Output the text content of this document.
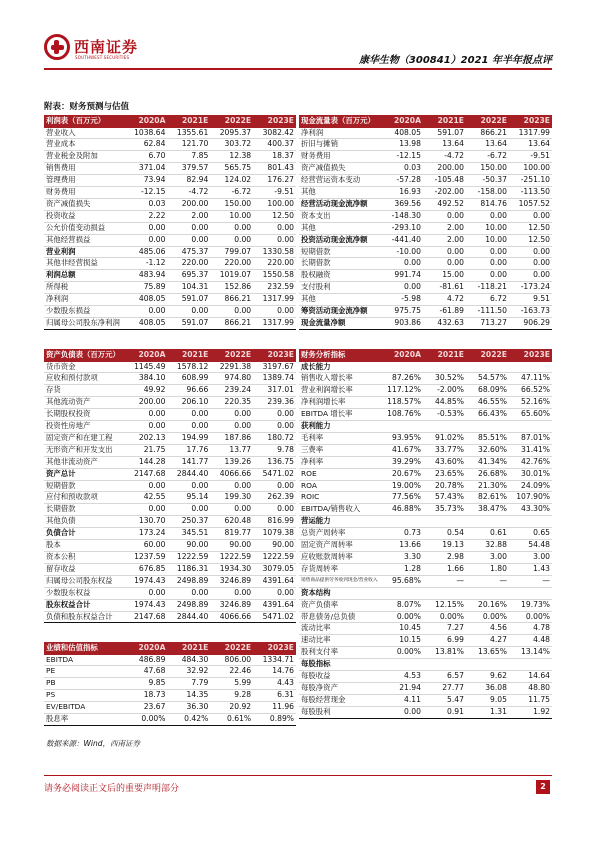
西南证券
SOUTHWEST SECURITIES	康华生物（300841）2021 年半年报点评
附表：财务预测与估值
利润表（百万元）	2020A	2021E	2022E	2023E
营业收入	1038.64	1355.61	2095.37	3082.42
营业成本	62.84	121.70	303.72	400.37
营业税金及附加	6.70	7.85	12.38	18.37
销售费用	371.04	379.57	565.75	801.43
管理费用	73.94	82.94	124.02	176.27
财务费用	-12.15	-4.72	-6.72	-9.51
资产减值损失	0.03	200.00	150.00	100.00
投资收益	2.22	2.00	10.00	12.50
公允价值变动损益	0.00	0.00	0.00	0.00
其他经营损益	0.00	0.00	0.00	0.00
营业利润	485.06	475.37	799.07	1330.58
其他非经营损益	-1.12	220.00	220.00	220.00
利润总额	483.94	695.37	1019.07	1550.58
所得税	75.89	104.31	152.86	232.59
净利润	408.05	591.07	866.21	1317.99
少数股东损益	0.00	0.00	0.00	0.00
归属母公司股东净利润	408.05	591.07	866.21	1317.99
现金流量表（百万元）	2020A	2021E	2022E	2023E
净利润	408.05	591.07	866.21	1317.99
折旧与摊销	13.98	13.64	13.64	13.64
财务费用	-12.15	-4.72	-6.72	-9.51
资产减值损失	0.03	200.00	150.00	100.00
经营营运资本变动	-57.28	-105.48	-50.37	-251.10
其他	16.93	-202.00	-158.00	-113.50
经营活动现金流净额	369.56	492.52	814.76	1057.52
资本支出	-148.30	0.00	0.00	0.00
其他	-293.10	2.00	10.00	12.50
投资活动现金流净额	-441.40	2.00	10.00	12.50
短期借款	-10.00	0.00	0.00	0.00
长期借款	0.00	0.00	0.00	0.00
股权融资	991.74	15.00	0.00	0.00
支付股利	0.00	-81.61	-118.21	-173.24
其他	-5.98	4.72	6.72	9.51
筹资活动现金流净额	975.75	-61.89	-111.50	-163.73
现金流量净额	903.86	432.63	713.27	906.29
资产负债表（百万元）	2020A	2021E	2022E	2023E
货币资金	1145.49	1578.12	2291.38	3197.67
应收和预付款项	384.10	608.99	974.80	1389.74
存货	49.92	96.66	239.24	317.01
其他流动资产	200.00	206.10	220.35	239.36
长期股权投资	0.00	0.00	0.00	0.00
投资性房地产	0.00	0.00	0.00	0.00
固定资产和在建工程	202.13	194.99	187.86	180.72
无形资产和开发支出	21.75	17.76	13.77	9.78
其他非流动资产	144.28	141.77	139.26	136.75
资产总计	2147.68	2844.40	4066.66	5471.02
短期借款	0.00	0.00	0.00	0.00
应付和预收款项	42.55	95.14	199.30	262.39
长期借款	0.00	0.00	0.00	0.00
其他负债	130.70	250.37	620.48	816.99
负债合计	173.24	345.51	819.77	1079.38
股本	60.00	90.00	90.00	90.00
资本公积	1237.59	1222.59	1222.59	1222.59
留存收益	676.85	1186.31	1934.30	3079.05
归属母公司股东权益	1974.43	2498.89	3246.89	4391.64
少数股东权益	0.00	0.00	0.00	0.00
股东权益合计	1974.43	2498.89	3246.89	4391.64
负债和股东权益合计	2147.68	2844.40	4066.66	5471.02
业绩和估值指标	2020A	2021E	2022E	2023E
EBITDA	486.89	484.30	806.00	1334.71
PE	47.68	32.92	22.46	14.76
PB	9.85	7.79	5.99	4.43
PS	18.73	14.35	9.28	6.31
EV/EBITDA	23.67	36.30	20.92	11.96
股息率	0.00%	0.42%	0.61%	0.89%
财务分析指标	2020A	2021E	2022E	2023E
成长能力				
销售收入增长率	87.26%	30.52%	54.57%	47.11%
营业利润增长率	117.12%	-2.00%	68.09%	66.52%
净利润增长率	118.57%	44.85%	46.55%	52.16%
EBITDA 增长率	108.76%	-0.53%	66.43%	65.60%
获利能力				
毛利率	93.95%	91.02%	85.51%	87.01%
三费率	41.67%	33.77%	32.60%	31.41%
净利率	39.29%	43.60%	41.34%	42.76%
ROE	20.67%	23.65%	26.68%	30.01%
ROA	19.00%	20.78%	21.30%	24.09%
ROIC	77.56%	57.43%	82.61%	107.90%
EBITDA/销售收入	46.88%	35.73%	38.47%	43.30%
营运能力				
总资产周转率	0.73	0.54	0.61	0.65
固定资产周转率	13.66	19.13	32.88	54.48
应收账款周转率	3.30	2.98	3.00	3.00
存货周转率	1.28	1.66	1.80	1.43
销售商品提供劳务收到现金/营业收入	95.68%	—	—	—
资本结构				
资产负债率	8.07%	12.15%	20.16%	19.73%
带息债务/总负债	0.00%	0.00%	0.00%	0.00%
流动比率	10.45	7.27	4.56	4.78
速动比率	10.15	6.99	4.27	4.48
股利支付率	0.00%	13.81%	13.65%	13.14%
每股指标				
每股收益	4.53	6.57	9.62	14.64
每股净资产	21.94	27.77	36.08	48.80
每股经营现金	4.11	5.47	9.05	11.75
每股股利	0.00	0.91	1.31	1.92
数据来源：Wind，西南证券
请务必阅读正文后的重要声明部分	2
